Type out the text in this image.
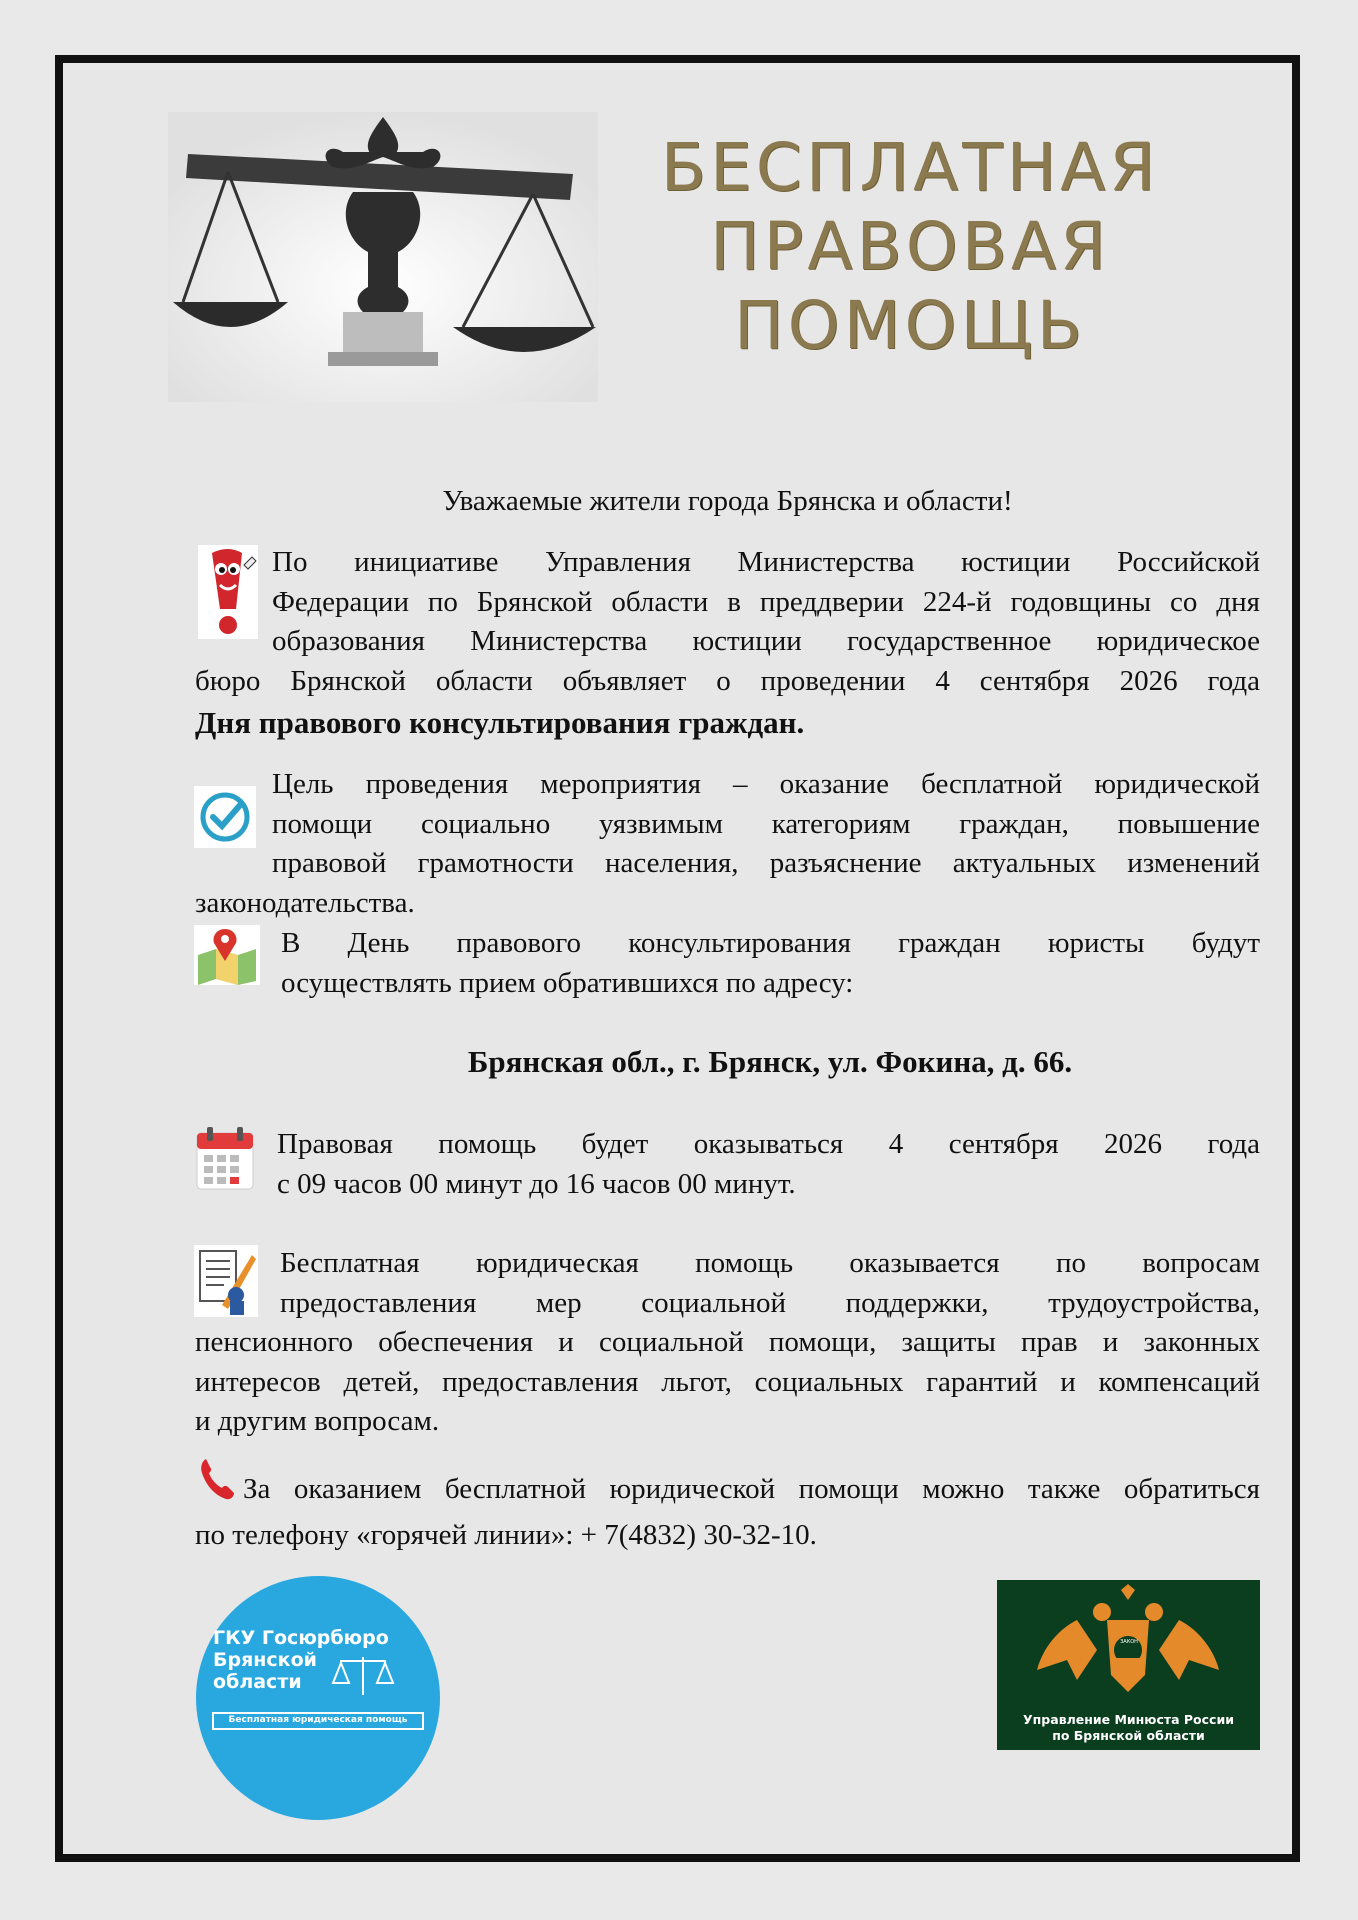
БЕСПЛАТНАЯ
ПРАВОВАЯ
ПОМОЩЬ
Уважаемые жители города Брянска и области!
По инициативе Управления Министерства юстиции Российской
Федерации по Брянской области в преддверии 224-й годовщины со дня
образования Министерства юстиции государственное юридическое
бюро Брянской области объявляет о проведении 4 сентября 2026 года
Дня правового консультирования граждан.
Цель проведения мероприятия – оказание бесплатной юридической
помощи социально уязвимым категориям граждан, повышение
правовой грамотности населения, разъяснение актуальных изменений
законодательства.
В День правового консультирования граждан юристы будут
осуществлять прием обратившихся по адресу:
Брянская обл., г. Брянск, ул. Фокина, д. 66.
Правовая помощь будет оказываться 4 сентября 2026 года
с 09 часов 00 минут до 16 часов 00 минут.
Бесплатная юридическая помощь оказывается по вопросам
предоставления мер социальной поддержки, трудоустройства,
пенсионного обеспечения и социальной помощи, защиты прав и законных
интересов детей, предоставления льгот, социальных гарантий и компенсаций
и другим вопросам.
За оказанием бесплатной юридической помощи можно также обратиться
по телефону «горячей линии»: + 7(4832) 30-32-10.
ГКУ Госюрбюро
Брянской
области
Бесплатная юридическая помощь
ЗАКОН
Управление Минюста России
по Брянской области
